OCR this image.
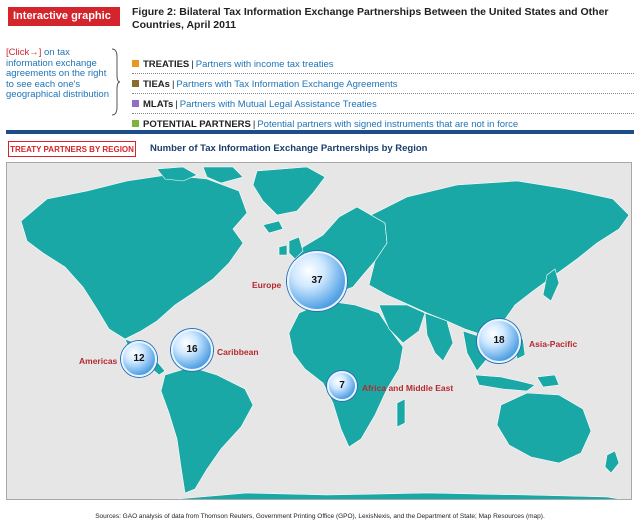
Interactive graphic	Figure 2: Bilateral Tax Information Exchange Partnerships Between the United States and Other Countries, April 2011
[Click→] on tax information exchange agreements on the right to see each one's geographical distribution
TREATIES | Partners with income tax treaties
TIEAs | Partners with Tax Information Exchange Agreements
MLATs | Partners with Mutual Legal Assistance Treaties
POTENTIAL PARTNERS | Potential partners with signed instruments that are not in force
TREATY PARTNERS BY REGION Number of Tax Information Exchange Partnerships by Region
37
Europe
12
Americas
16	Caribbean
7	Africa and Middle East
18	Asia-Pacific
Sources: GAO analysis of data from Thomson Reuters, Government Printing Office (GPO), LexisNexis, and the Department of State; Map Resources (map).
